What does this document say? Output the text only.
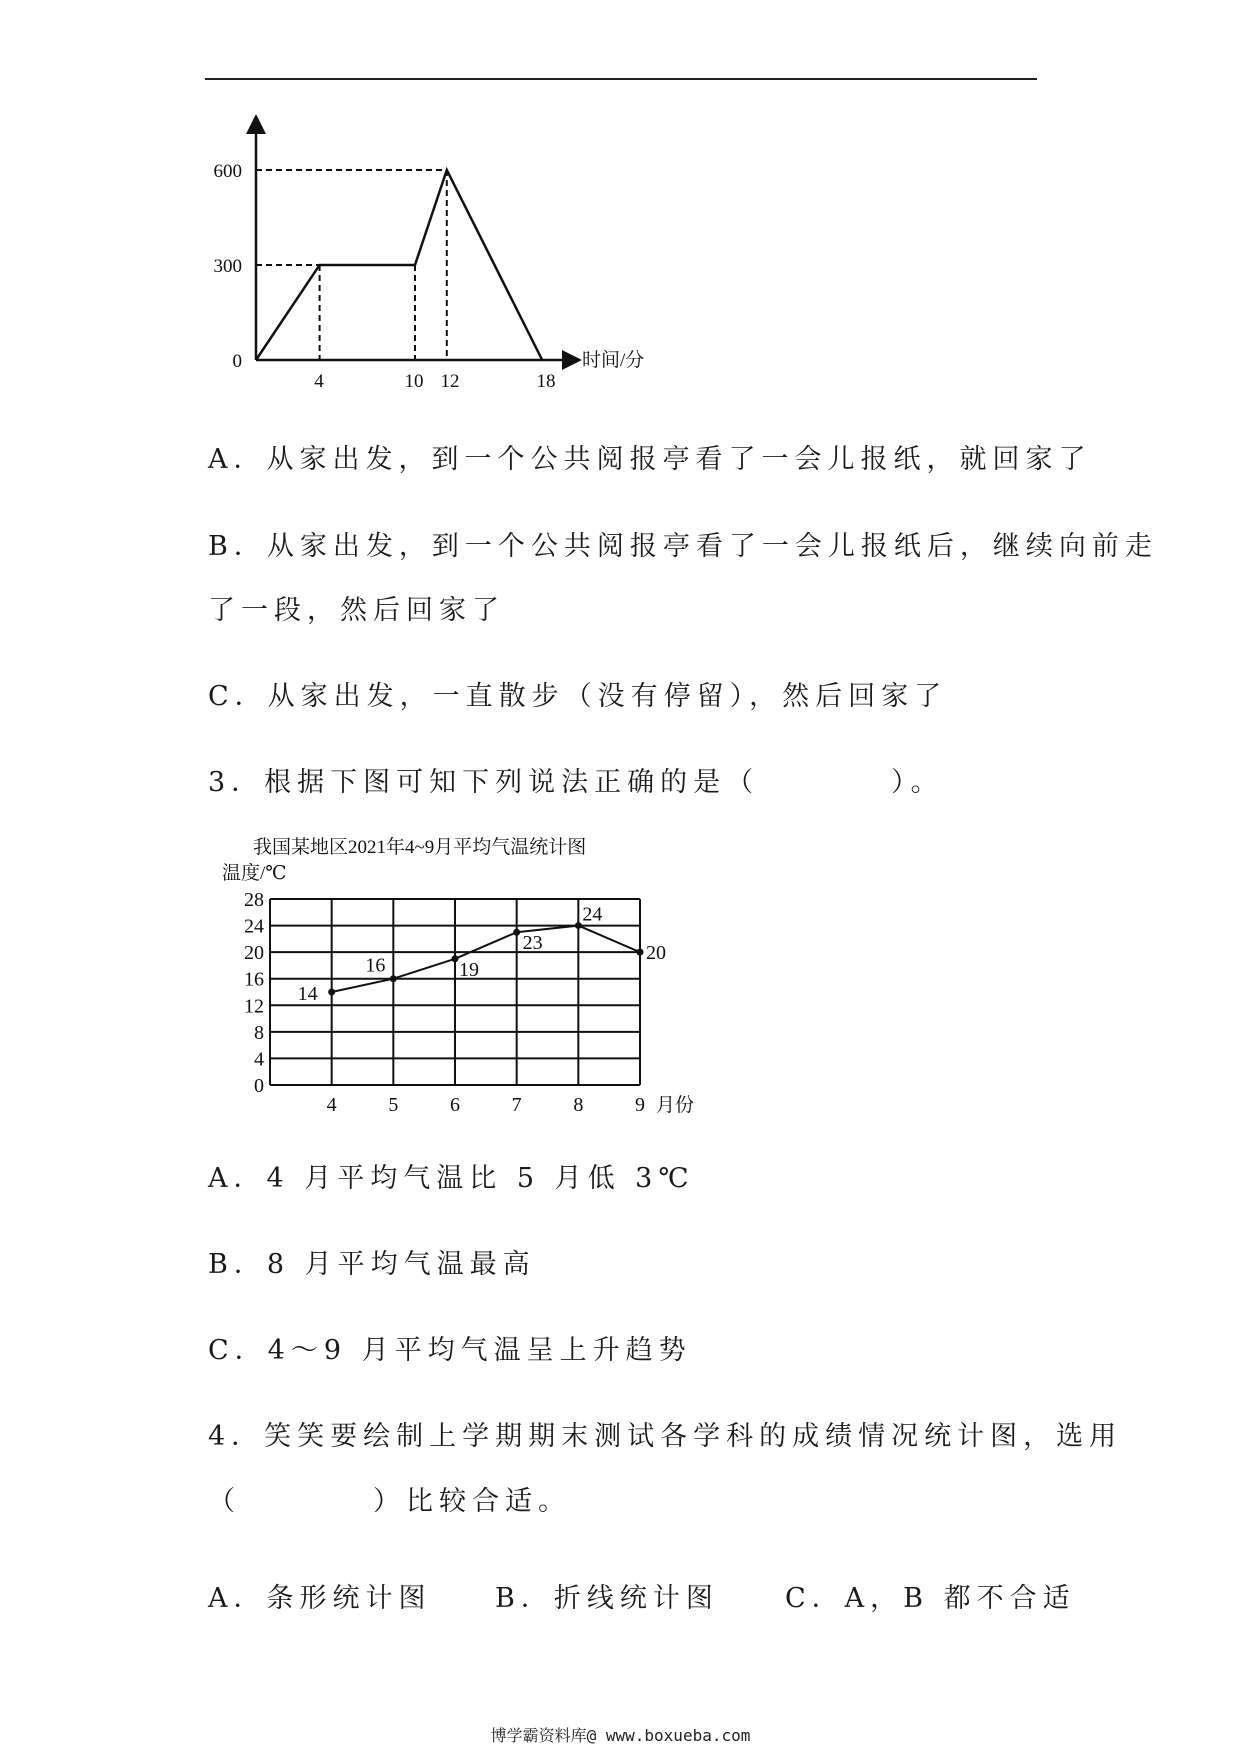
600
300
0
4	10 12	18
时间/分
A．从家出发，到一个公共阅报亭看了一会儿报纸，就回家了
B．从家出发，到一个公共阅报亭看了一会儿报纸后，继续向前走
了一段，然后回家了
C．从家出发，一直散步（没有停留），然后回家了
3．根据下图可知下列说法正确的是（　　　　）。
我国某地区2021年4~9月平均气温统计图
温度/℃
28
24
20
16
12
8
4
0
4	5	6	7	8	9 月份
14
16	19
23
24
20
A．4 月平均气温比 5 月低 3℃
B．8 月平均气温最高
C．4～9 月平均气温呈上升趋势
4．笑笑要绘制上学期期末测试各学科的成绩情况统计图，选用
（　　　　）比较合适。
A．条形统计图 B．折线统计图 C．A，B 都不合适
博学霸资料库@ www.boxueba.com
